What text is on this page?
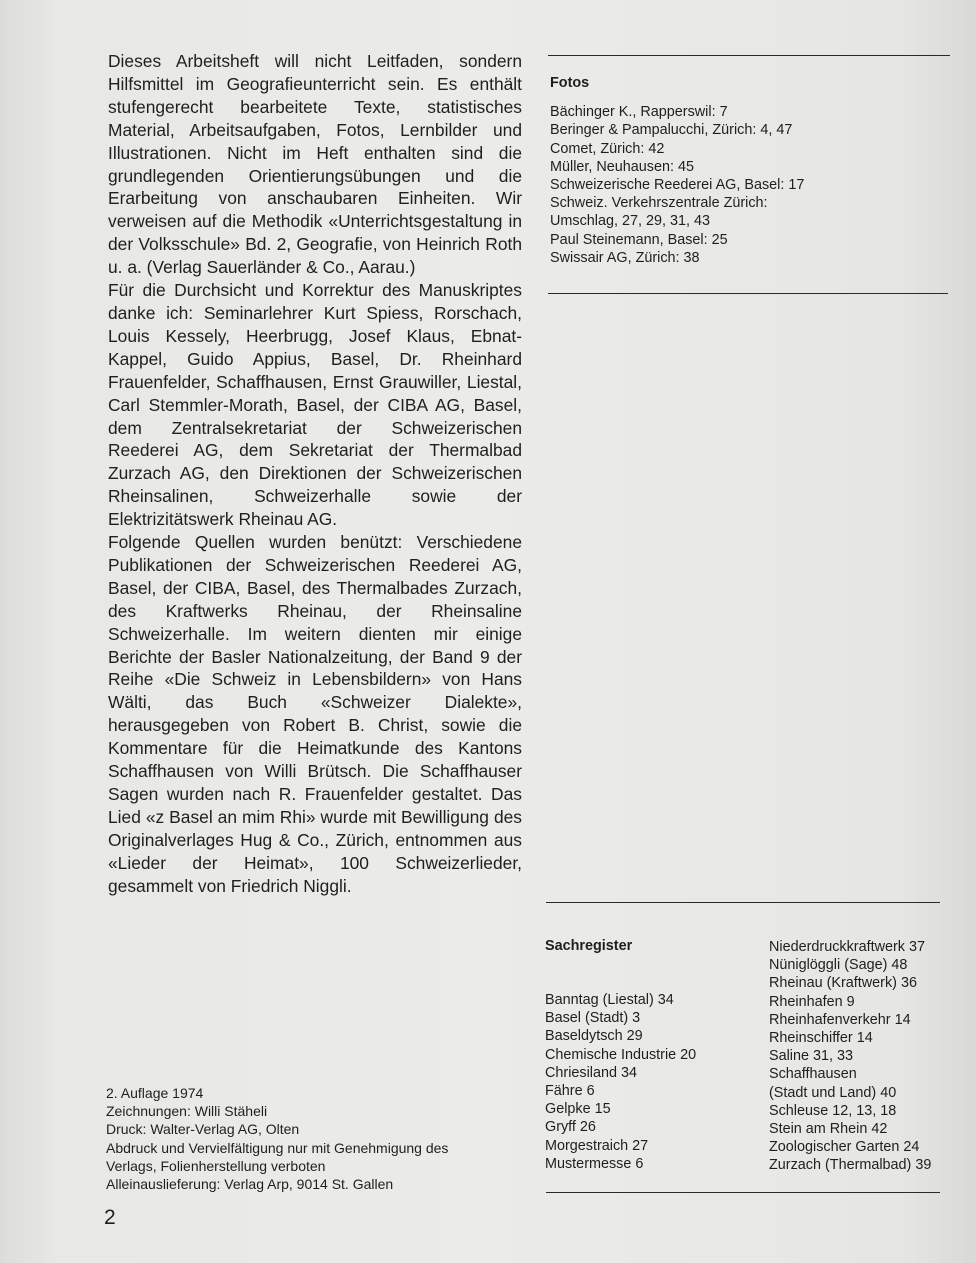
Dieses Arbeitsheft will nicht Leitfaden, sondern Hilfsmittel im Geografieunterricht sein. Es enthält stufengerecht bearbeitete Texte, statistisches Material, Arbeitsaufgaben, Fotos, Lernbilder und Illustrationen. Nicht im Heft enthalten sind die grundlegenden Orientierungsübungen und die Erarbeitung von anschaubaren Einheiten. Wir verweisen auf die Methodik «Unterrichtsgestaltung in der Volksschule» Bd. 2, Geografie, von Heinrich Roth u. a. (Verlag Sauerländer & Co., Aarau.)

Für die Durchsicht und Korrektur des Manuskriptes danke ich: Seminarlehrer Kurt Spiess, Rorschach, Louis Kessely, Heerbrugg, Josef Klaus, Ebnat-Kappel, Guido Appius, Basel, Dr. Rheinhard Frauenfelder, Schaffhausen, Ernst Grauwiller, Liestal, Carl Stemmler-Morath, Basel, der CIBA AG, Basel, dem Zentralsekretariat der Schweizerischen Reederei AG, dem Sekretariat der Thermalbad Zurzach AG, den Direktionen der Schweizerischen Rheinsalinen, Schweizerhalle sowie der Elektrizitätswerk Rheinau AG.

Folgende Quellen wurden benützt: Verschiedene Publikationen der Schweizerischen Reederei AG, Basel, der CIBA, Basel, des Thermalbades Zurzach, des Kraftwerks Rheinau, der Rheinsaline Schweizerhalle. Im weitern dienten mir einige Berichte der Basler Nationalzeitung, der Band 9 der Reihe «Die Schweiz in Lebensbildern» von Hans Wälti, das Buch «Schweizer Dialekte», herausgegeben von Robert B. Christ, sowie die Kommentare für die Heimatkunde des Kantons Schaffhausen von Willi Brütsch. Die Schaffhauser Sagen wurden nach R. Frauenfelder gestaltet. Das Lied «z Basel an mim Rhi» wurde mit Bewilligung des Originalverlages Hug & Co., Zürich, entnommen aus «Lieder der Heimat», 100 Schweizerlieder, gesammelt von Friedrich Niggli.

2. Auflage 1974
Zeichnungen: Willi Stäheli
Druck: Walter-Verlag AG, Olten
Abdruck und Vervielfältigung nur mit Genehmigung des
Verlags, Folienherstellung verboten
Alleinauslieferung: Verlag Arp, 9014 St. Gallen
2
Fotos
Bächinger K., Rapperswil: 7
Beringer & Pampalucchi, Zürich: 4, 47
Comet, Zürich: 42
Müller, Neuhausen: 45
Schweizerische Reederei AG, Basel: 17
Schweiz. Verkehrszentrale Zürich:
Umschlag, 27, 29, 31, 43
Paul Steinemann, Basel: 25
Swissair AG, Zürich: 38
Sachregister
Banntag (Liestal) 34
Basel (Stadt) 3
Baseldytsch 29
Chemische Industrie 20
Chriesiland 34
Fähre 6
Gelpke 15
Gryff 26
Morgestraich 27
Mustermesse 6
Niederdruckkraftwerk 37
Nüniglöggli (Sage) 48
Rheinau (Kraftwerk) 36
Rheinhafen 9
Rheinhafenverkehr 14
Rheinschiffer 14
Saline 31, 33
Schaffhausen
(Stadt und Land) 40
Schleuse 12, 13, 18
Stein am Rhein 42
Zoologischer Garten 24
Zurzach (Thermalbad) 39
